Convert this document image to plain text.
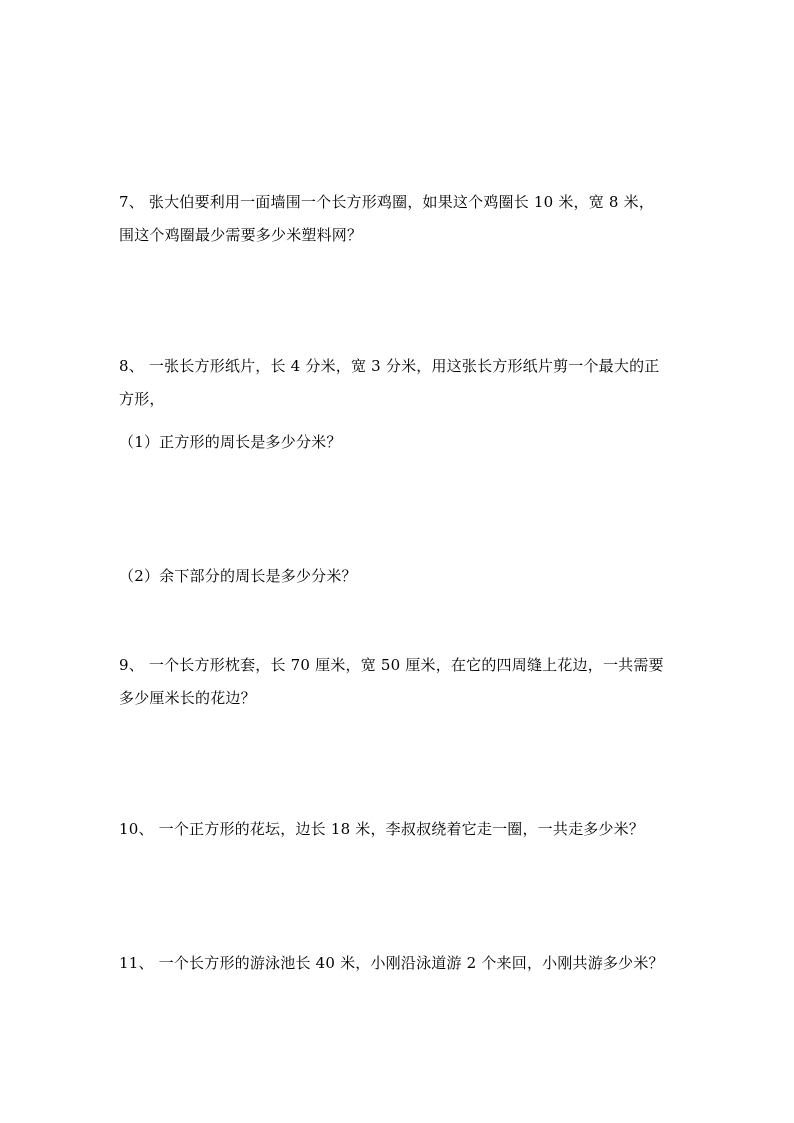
7、 张大伯要利用一面墙围一个长方形鸡圈，如果这个鸡圈长 10 米，宽 8 米，
围这个鸡圈最少需要多少米塑料网？
8、 一张长方形纸片，长 4 分米，宽 3 分米，用这张长方形纸片剪一个最大的正
方形，
（1）正方形的周长是多少分米？
（2）余下部分的周长是多少分米？
9、 一个长方形枕套，长 70 厘米，宽 50 厘米，在它的四周缝上花边，一共需要
多少厘米长的花边？
10、 一个正方形的花坛，边长 18 米，李叔叔绕着它走一圈，一共走多少米？
11、 一个长方形的游泳池长 40 米，小刚沿泳道游 2 个来回，小刚共游多少米？
